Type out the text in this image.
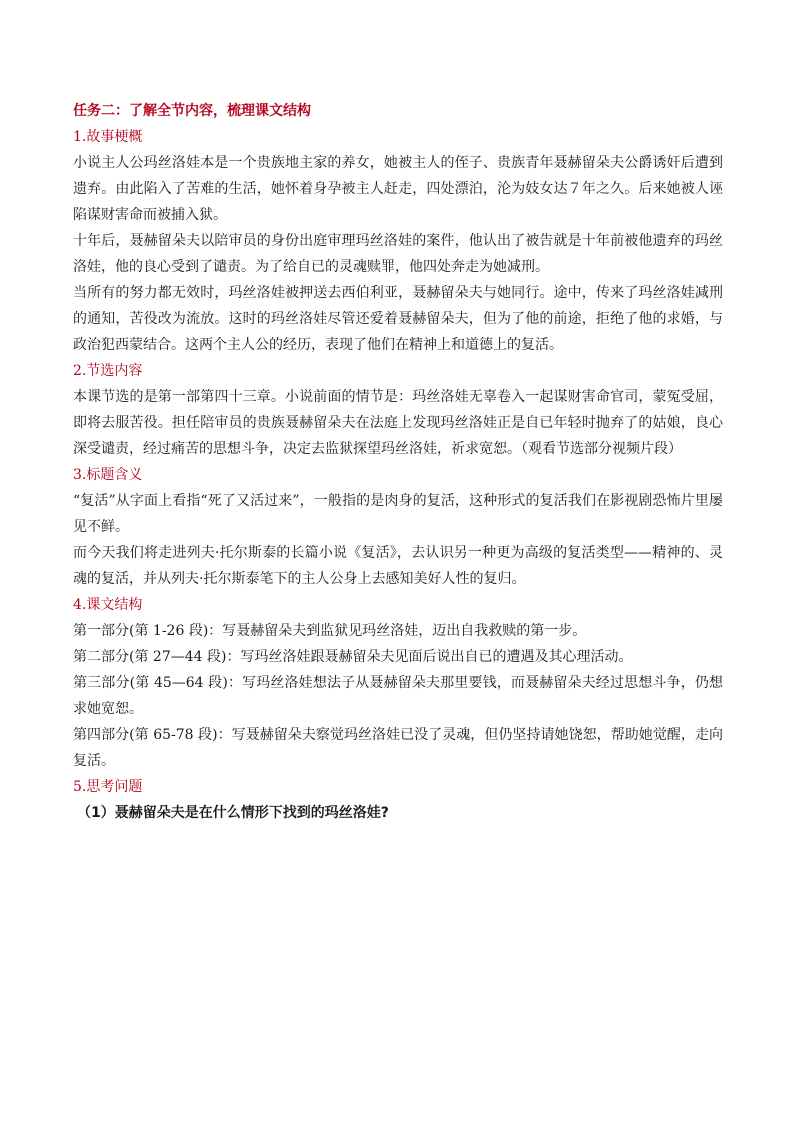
任务二：了解全节内容，梳理课文结构

1.故事梗概

小说主人公玛丝洛娃本是一个贵族地主家的养女，她被主人的侄子、贵族青年聂赫留朵夫公爵诱奸后遭到遗弃。由此陷入了苦难的生活，她怀着身孕被主人赶走，四处漂泊，沦为妓女达７年之久。后来她被人诬陷谋财害命而被捕入狱。

十年后，聂赫留朵夫以陪审员的身份出庭审理玛丝洛娃的案件，他认出了被告就是十年前被他遗弃的玛丝洛娃，他的良心受到了谴责。为了给自已的灵魂赎罪，他四处奔走为她减刑。

当所有的努力都无效时，玛丝洛娃被押送去西伯利亚，聂赫留朵夫与她同行。途中，传来了玛丝洛娃减刑的通知，苦役改为流放。这时的玛丝洛娃尽管还爱着聂赫留朵夫，但为了他的前途，拒绝了他的求婚，与政治犯西蒙结合。这两个主人公的经历，表现了他们在精神上和道德上的复活。

2.节选内容

本课节选的是第一部第四十三章。小说前面的情节是：玛丝洛娃无辜卷入一起谋财害命官司，蒙冤受屈，即将去服苦役。担任陪审员的贵族聂赫留朵夫在法庭上发现玛丝洛娃正是自已年轻时抛弃了的姑娘，良心深受谴责，经过痛苦的思想斗争，决定去监狱探望玛丝洛娃，祈求宽恕。（观看节选部分视频片段）

3.标题含义

“复活”从字面上看指“死了又活过来”，一般指的是肉身的复活，这种形式的复活我们在影视剧恐怖片里屡见不鲜。

而今天我们将走进列夫·托尔斯泰的长篇小说《复活》，去认识另一种更为高级的复活类型——精神的、灵魂的复活，并从列夫·托尔斯泰笔下的主人公身上去感知美好人性的复归。

4.课文结构

第一部分(第 1-26 段)：写聂赫留朵夫到监狱见玛丝洛娃，迈出自我救赎的第一步。

第二部分(第 27—44 段)：写玛丝洛娃跟聂赫留朵夫见面后说出自已的遭遇及其心理活动。

第三部分(第 45—64 段)：写玛丝洛娃想法子从聂赫留朵夫那里要钱，而聂赫留朵夫经过思想斗争，仍想求她宽恕。

第四部分(第 65-78 段)：写聂赫留朵夫察觉玛丝洛娃已没了灵魂，但仍坚持请她饶恕，帮助她觉醒，走向复活。

5.思考问题

（1）聂赫留朵夫是在什么情形下找到的玛丝洛娃?
